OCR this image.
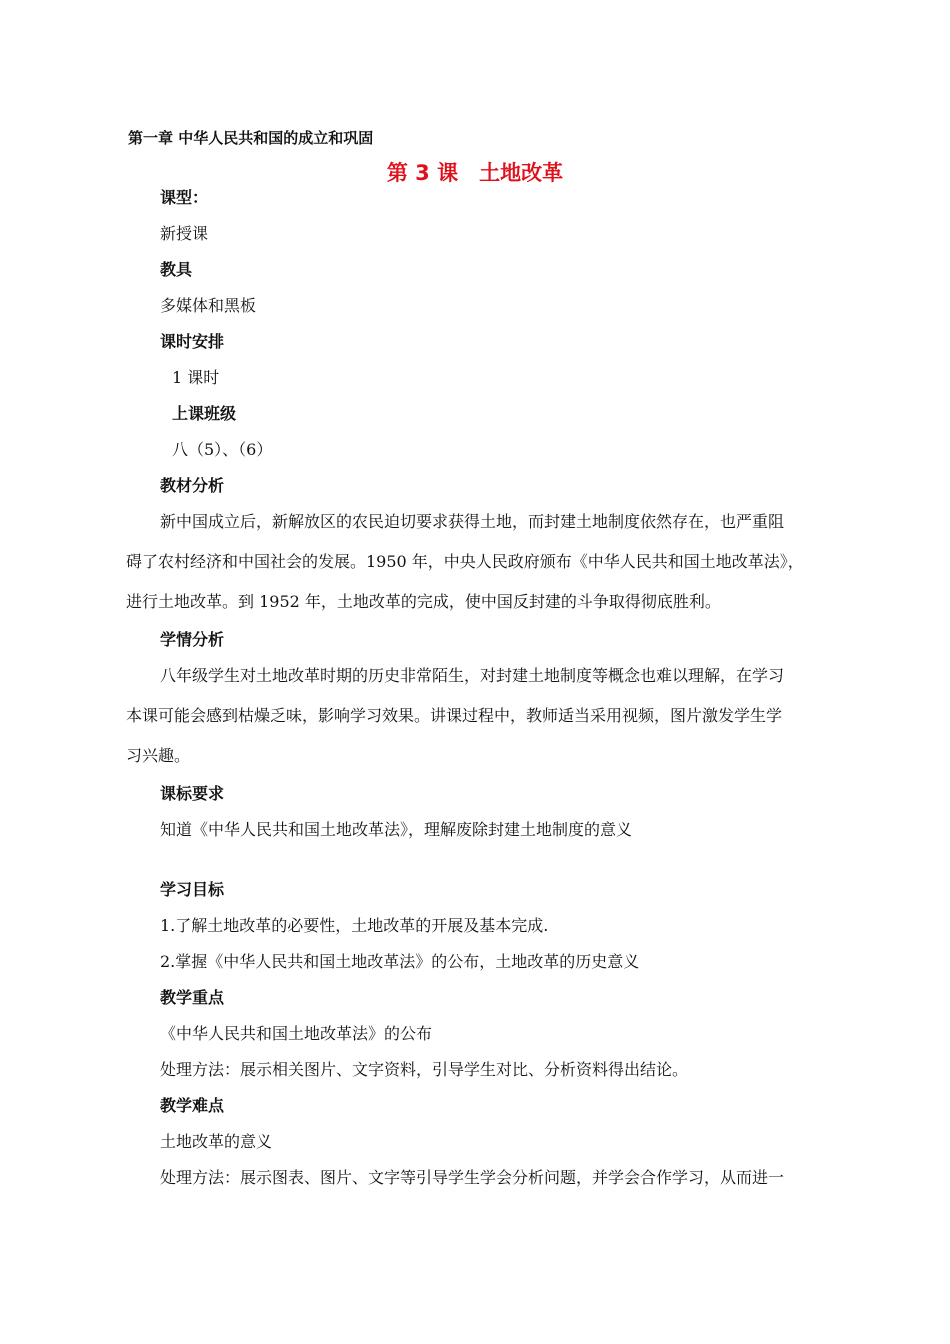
第一章 中华人民共和国的成立和巩固
第 3 课　土地改革
课型：
新授课
教具
多媒体和黑板
课时安排
1 课时
上课班级
八（5）、（6）
教材分析
新中国成立后，新解放区的农民迫切要求获得土地，而封建土地制度依然存在，也严重阻
碍了农村经济和中国社会的发展。1950 年，中央人民政府颁布《中华人民共和国土地改革法》，
进行土地改革。到 1952 年，土地改革的完成，使中国反封建的斗争取得彻底胜利。
学情分析
八年级学生对土地改革时期的历史非常陌生，对封建土地制度等概念也难以理解，在学习
本课可能会感到枯燥乏味，影响学习效果。讲课过程中，教师适当采用视频，图片激发学生学
习兴趣。
课标要求
知道《中华人民共和国土地改革法》，理解废除封建土地制度的意义
学习目标
1.了解土地改革的必要性，土地改革的开展及基本完成.
2.掌握《中华人民共和国土地改革法》的公布，土地改革的历史意义
教学重点
《中华人民共和国土地改革法》的公布
处理方法：展示相关图片、文字资料，引导学生对比、分析资料得出结论。
教学难点
土地改革的意义
处理方法：展示图表、图片、文字等引导学生学会分析问题，并学会合作学习，从而进一
